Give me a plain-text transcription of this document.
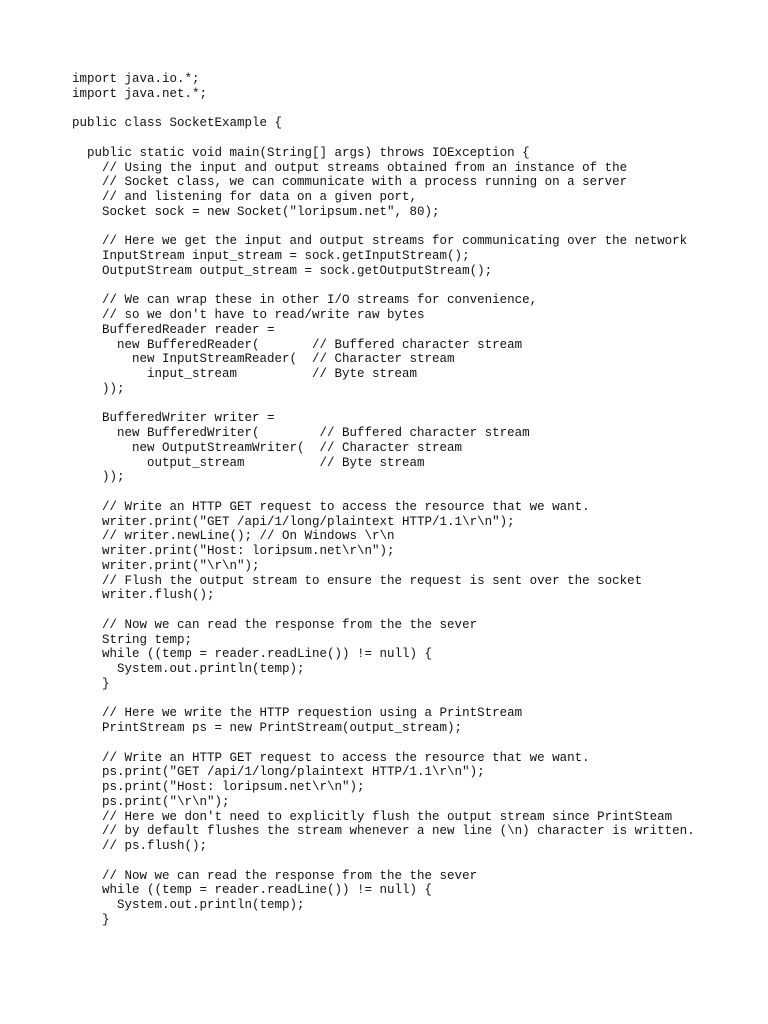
import java.io.*;
import java.net.*;
public class SocketExample {
public static void main(String[] args) throws IOException {
// Using the input and output streams obtained from an instance of the
// Socket class, we can communicate with a process running on a server
// and listening for data on a given port,
Socket sock = new Socket("loripsum.net", 80);
// Here we get the input and output streams for communicating over the network
InputStream input_stream = sock.getInputStream();
OutputStream output_stream = sock.getOutputStream();
// We can wrap these in other I/O streams for convenience,
// so we don't have to read/write raw bytes
BufferedReader reader =
new BufferedReader(       // Buffered character stream
new InputStreamReader(  // Character stream
input_stream          // Byte stream
));
BufferedWriter writer =
new BufferedWriter(        // Buffered character stream
new OutputStreamWriter(  // Character stream
output_stream          // Byte stream
));
// Write an HTTP GET request to access the resource that we want.
writer.print("GET /api/1/long/plaintext HTTP/1.1\r\n");
// writer.newLine(); // On Windows \r\n
writer.print("Host: loripsum.net\r\n");
writer.print("\r\n");
// Flush the output stream to ensure the request is sent over the socket
writer.flush();
// Now we can read the response from the the sever
String temp;
while ((temp = reader.readLine()) != null) {
System.out.println(temp);
}
// Here we write the HTTP requestion using a PrintStream
PrintStream ps = new PrintStream(output_stream);
// Write an HTTP GET request to access the resource that we want.
ps.print("GET /api/1/long/plaintext HTTP/1.1\r\n");
ps.print("Host: loripsum.net\r\n");
ps.print("\r\n");
// Here we don't need to explicitly flush the output stream since PrintSteam
// by default flushes the stream whenever a new line (\n) character is written.
// ps.flush();
// Now we can read the response from the the sever
while ((temp = reader.readLine()) != null) {
System.out.println(temp);
}
